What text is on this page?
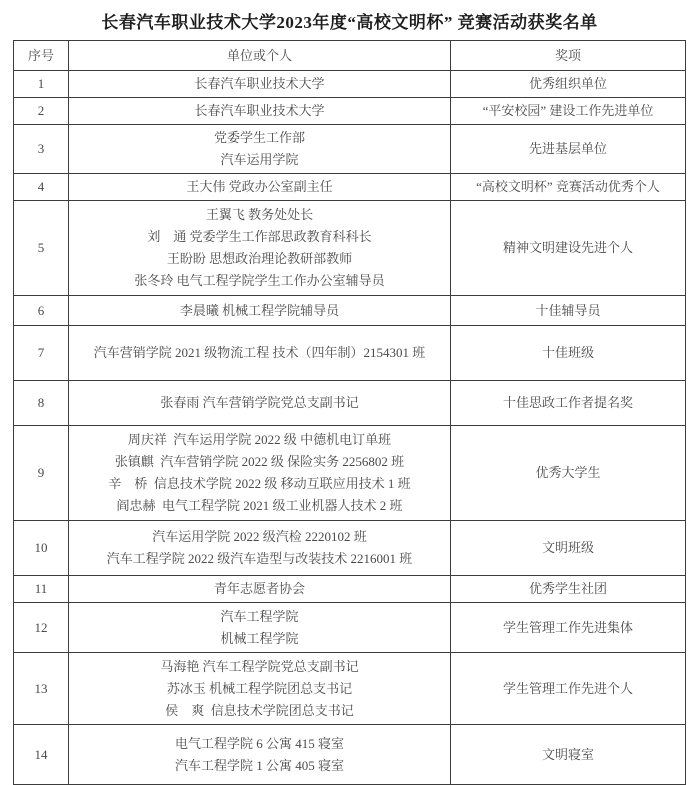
长春汽车职业技术大学2023年度“高校文明杯” 竞赛活动获奖名单
序号	单位或个人	奖项
1	长春汽车职业技术大学	优秀组织单位
2	长春汽车职业技术大学	“平安校园” 建设工作先进单位
3	党委学生工作部
汽车运用学院	先进基层单位
4	王大伟 党政办公室副主任	“高校文明杯” 竞赛活动优秀个人
5	王翼飞 教务处处长
刘　通 党委学生工作部思政教育科科长
王盼盼 思想政治理论教研部教师
张冬玲 电气工程学院学生工作办公室辅导员	精神文明建设先进个人
6	李晨曦 机械工程学院辅导员	十佳辅导员
7	汽车营销学院 2021 级物流工程 技术（四年制）2154301 班	十佳班级
8	张春雨 汽车营销学院党总支副书记	十佳思政工作者提名奖
9	周庆祥  汽车运用学院 2022 级 中德机电订单班
张镇麒  汽车营销学院 2022 级 保险实务 2256802 班
辛　桥  信息技术学院 2022 级 移动互联应用技术 1 班
阎忠赫  电气工程学院 2021 级工业机器人技术 2 班	优秀大学生
10	汽车运用学院 2022 级汽检 2220102 班
汽车工程学院 2022 级汽车造型与改装技术 2216001 班	文明班级
11	青年志愿者协会	优秀学生社团
12	汽车工程学院
机械工程学院	学生管理工作先进集体
13	马海艳 汽车工程学院党总支副书记
苏冰玉 机械工程学院团总支书记
侯　爽  信息技术学院团总支书记	学生管理工作先进个人
14	电气工程学院 6 公寓 415 寝室
汽车工程学院 1 公寓 405 寝室	文明寝室
